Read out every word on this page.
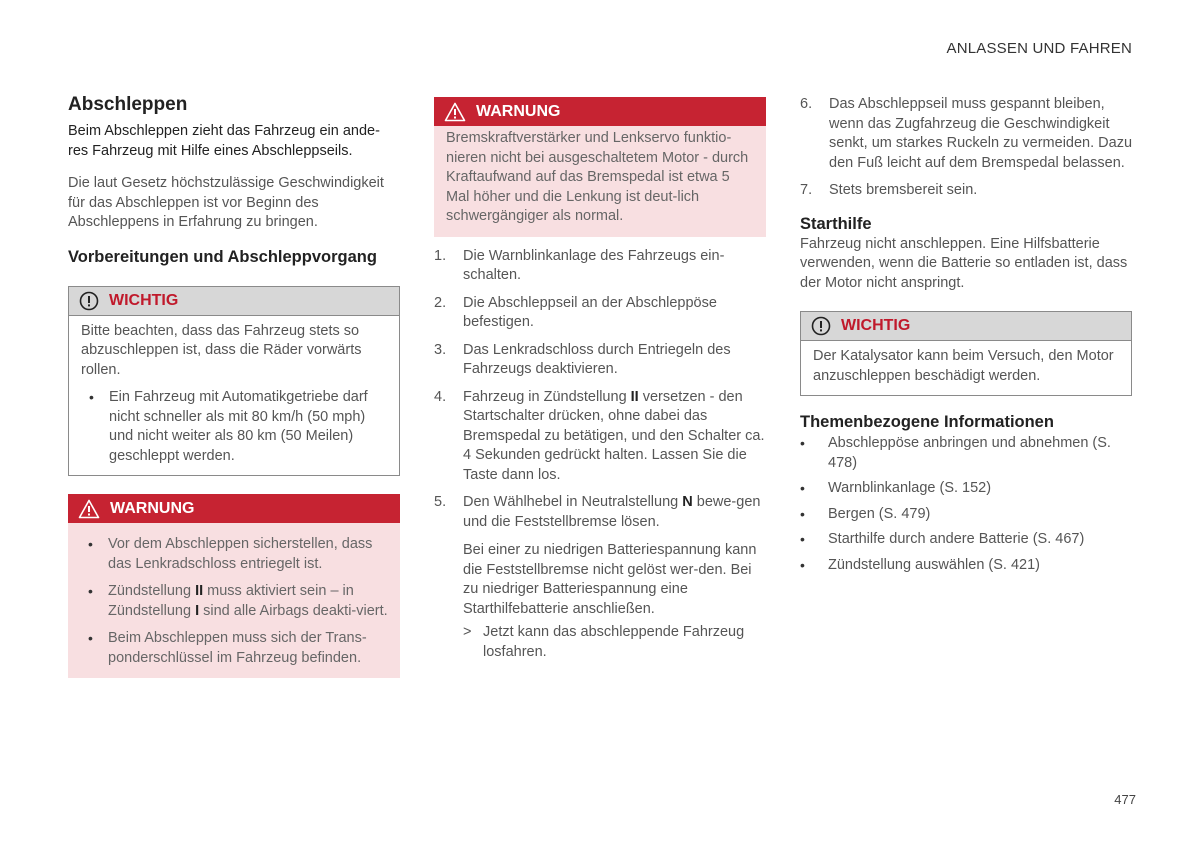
ANLASSEN UND FAHREN

Abschleppen

Beim Abschleppen zieht das Fahrzeug ein ande-res Fahrzeug mit Hilfe eines Abschleppseils.

Die laut Gesetz höchstzulässige Geschwindigkeit für das Abschleppen ist vor Beginn des Abschleppens in Erfahrung zu bringen.

Vorbereitungen und Abschleppvorgang

WICHTIG

Bitte beachten, dass das Fahrzeug stets so abzuschleppen ist, dass die Räder vorwärts rollen.

• Ein Fahrzeug mit Automatikgetriebe darf nicht schneller als mit 80 km/h (50 mph) und nicht weiter als 80 km (50 Meilen) geschleppt werden.
WARNUNG
• Vor dem Abschleppen sicherstellen, dass das Lenkradschloss entriegelt ist.
• Zündstellung II muss aktiviert sein – in Zündstellung I sind alle Airbags deakti-viert.
• Beim Abschleppen muss sich der Trans-ponderschlüssel im Fahrzeug befinden.
WARNUNG

Bremskraftverstärker und Lenkservo funktio-nieren nicht bei ausgeschaltetem Motor - durch Kraftaufwand auf das Bremspedal ist etwa 5 Mal höher und die Lenkung ist deut-lich schwergängiger als normal.

1. Die Warnblinkanlage des Fahrzeugs ein-schalten.
2. Die Abschleppseil an der Abschleppöse befestigen.
3. Das Lenkradschloss durch Entriegeln des Fahrzeugs deaktivieren.
4. Fahrzeug in Zündstellung II versetzen - den Startschalter drücken, ohne dabei das Bremspedal zu betätigen, und den Schalter ca. 4 Sekunden gedrückt halten. Lassen Sie die Taste dann los.
5. Den Wählhebel in Neutralstellung N bewe-gen und die Feststellbremse lösen.

Bei einer zu niedrigen Batteriespannung kann die Feststellbremse nicht gelöst wer-den. Bei zu niedriger Batteriespannung eine Starthilfebatterie anschließen.

> Jetzt kann das abschleppende Fahrzeug losfahren.
6. Das Abschleppseil muss gespannt bleiben, wenn das Zugfahrzeug die Geschwindigkeit senkt, um starkes Ruckeln zu vermeiden. Dazu den Fuß leicht auf dem Bremspedal belassen.
7. Stets bremsbereit sein.

Starthilfe

Fahrzeug nicht anschleppen. Eine Hilfsbatterie verwenden, wenn die Batterie so entladen ist, dass der Motor nicht anspringt.

WICHTIG

Der Katalysator kann beim Versuch, den Motor anzuschleppen beschädigt werden.

Themenbezogene Informationen

• Abschleppöse anbringen und abnehmen (S. 478)
• Warnblinkanlage (S. 152)
• Bergen (S. 479)
• Starthilfe durch andere Batterie (S. 467)
• Zündstellung auswählen (S. 421)
477
